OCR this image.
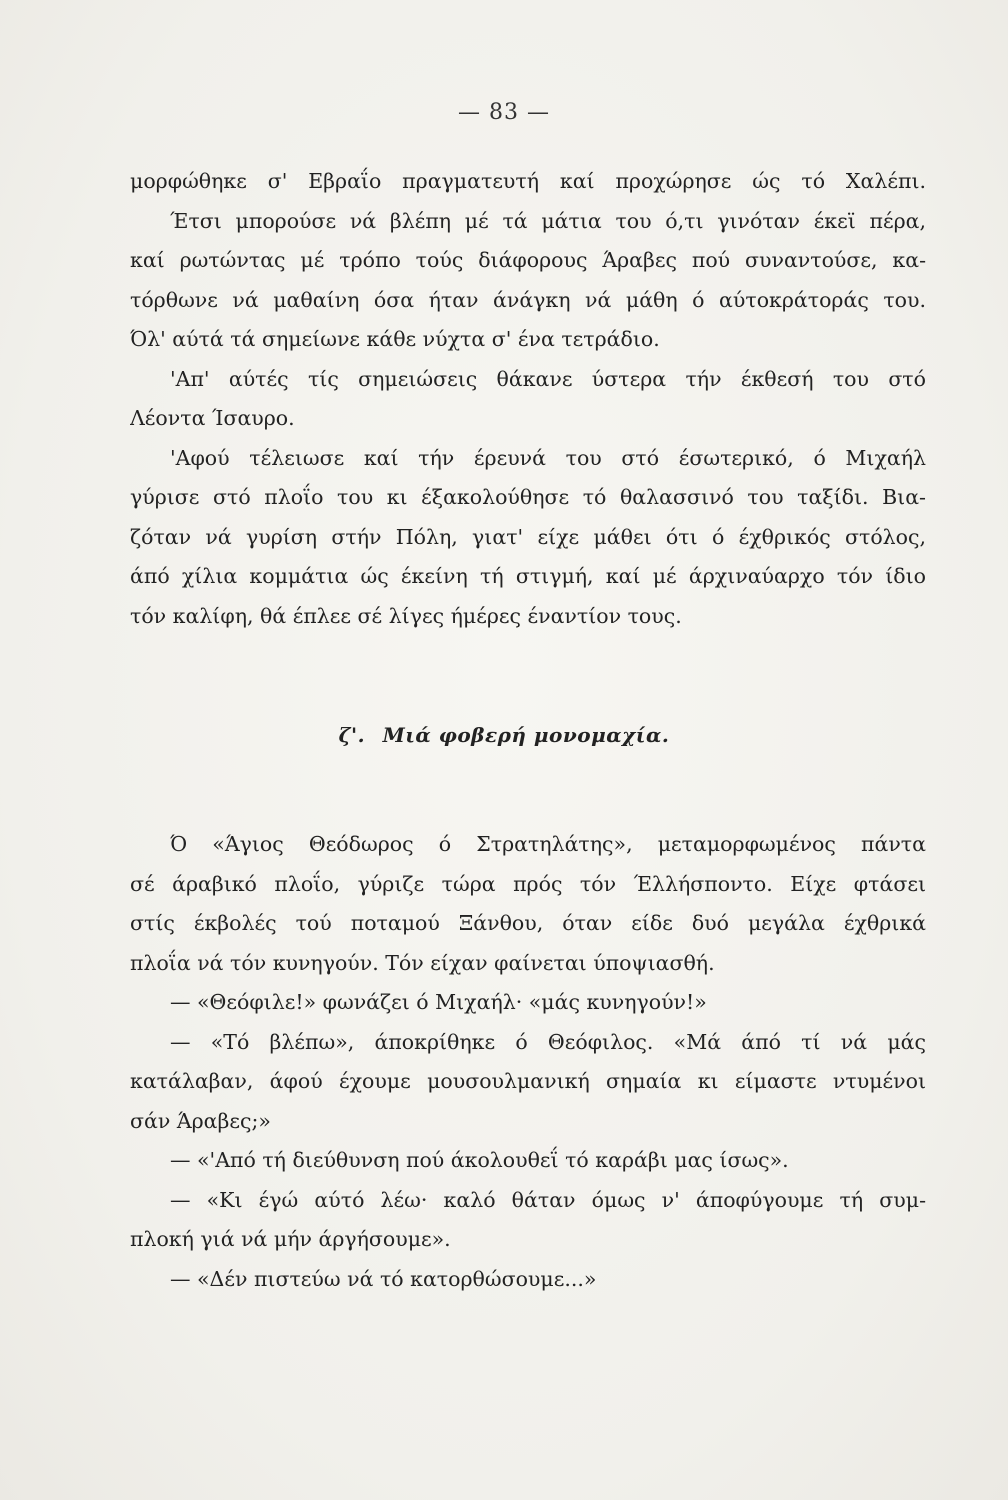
— 83 —
μορφώθηκε σ' Εβραΐο πραγματευτή καί προχώρησε ώς τό Χαλέπι.
Έτσι μπορούσε νά βλέπη μέ τά μάτια του ό,τι γινόταν έκεϊ πέρα,
καί ρωτώντας μέ τρόπο τούς διάφορους Άραβες πού συναντούσε, κα-
τόρθωνε νά μαθαίνη όσα ήταν άνάγκη νά μάθη ό αύτοκράτοράς του.
Όλ' αύτά τά σημείωνε κάθε νύχτα σ' ένα τετράδιο.
'Απ' αύτές τίς σημειώσεις θάκανε ύστερα τήν έκθεσή του στό
Λέοντα Ίσαυρο.
'Αφού τέλειωσε καί τήν έρευνά του στό έσωτερικό, ό Μιχαήλ
γύρισε στό πλοΐο του κι έξακολούθησε τό θαλασσινό του ταξίδι. Βια-
ζόταν νά γυρίση στήν Πόλη, γιατ' είχε μάθει ότι ό έχθρικός στόλος,
άπό χίλια κομμάτια ώς έκείνη τή στιγμή, καί μέ άρχιναύαρχο τόν ίδιο
τόν καλίφη, θά έπλεε σέ λίγες ήμέρες έναντίον τους.
ζ'. Μιά φοβερή μονομαχία.
Ό «Άγιος Θεόδωρος ό Στρατηλάτης», μεταμορφωμένος πάντα
σέ άραβικό πλοΐο, γύριζε τώρα πρός τόν Έλλήσποντο. Είχε φτάσει
στίς έκβολές τού ποταμού Ξάνθου, όταν είδε δυό μεγάλα έχθρικά
πλοΐα νά τόν κυνηγούν. Τόν είχαν φαίνεται ύποψιασθή.
— «Θεόφιλε!» φωνάζει ό Μιχαήλ· «μάς κυνηγούν!»
— «Τό βλέπω», άποκρίθηκε ό Θεόφιλος. «Μά άπό τί νά μάς
κατάλαβαν, άφού έχουμε μουσουλμανική σημαία κι είμαστε ντυμένοι
σάν Άραβες;»
— «'Από τή διεύθυνση πού άκολουθεΐ τό καράβι μας ίσως».
— «Κι έγώ αύτό λέω· καλό θάταν όμως ν' άποφύγουμε τή συμ-
πλοκή γιά νά μήν άργήσουμε».
— «Δέν πιστεύω νά τό κατορθώσουμε...»
